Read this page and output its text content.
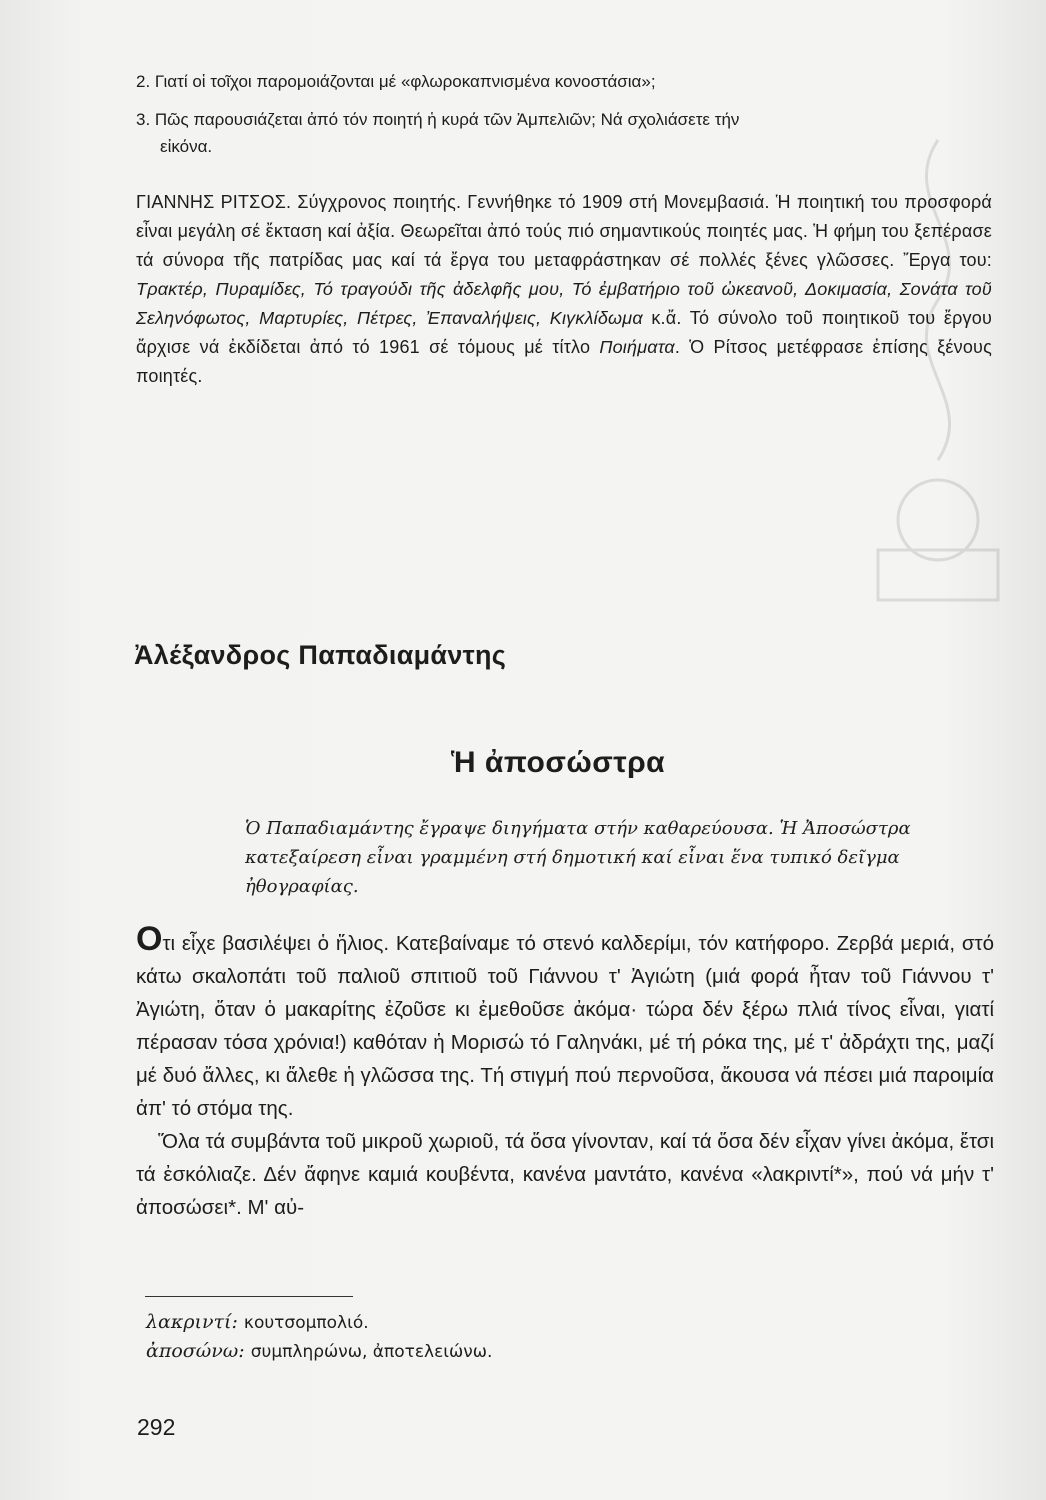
2. Γιατί οἱ τοῖχοι παρομοιάζονται μέ «φλωροκαπνισμένα κονοστάσια»;
3. Πῶς παρουσιάζεται ἀπό τόν ποιητή ἡ κυρά τῶν Ἀμπελιῶν; Νά σχολιάσετε τήν
εἰκόνα.
ΓΙΑΝΝΗΣ ΡΙΤΣΟΣ. Σύγχρονος ποιητής. Γεννήθηκε τό 1909 στή Μονεμβασιά. Ἡ ποιητική του προσφορά εἶναι μεγάλη σέ ἔκταση καί ἀξία. Θεωρεῖται ἀπό τούς πιό σημαντικούς ποιητές μας. Ἡ φήμη του ξεπέρασε τά σύνορα τῆς πατρίδας μας καί τά ἔργα του μεταφράστηκαν σέ πολλές ξένες γλῶσσες. Ἔργα του: Τρακτέρ, Πυραμίδες, Τό τραγούδι τῆς ἀδελφῆς μου, Τό ἐμβατήριο τοῦ ὠκεανοῦ, Δοκιμασία, Σονάτα τοῦ Σεληνόφωτος, Μαρτυρίες, Πέτρες, Ἐπαναλήψεις, Κιγκλίδωμα κ.ἄ. Τό σύνολο τοῦ ποιητικοῦ του ἔργου ἄρχισε νά ἐκδίδεται ἀπό τό 1961 σέ τόμους μέ τίτλο Ποιήματα. Ὁ Ρίτσος μετέφρασε ἐπίσης ξένους ποιητές.
Ἀλέξανδρος Παπαδιαμάντης
Ἡ ἀποσώστρα
Ὁ Παπαδιαμάντης ἔγραψε διηγήματα στήν καθαρεύουσα. Ἡ Ἀποσώστρα κατεξαίρεση εἶναι γραμμένη στή δημοτική καί εἶναι ἕνα τυπικό δεῖγμα ἠθογραφίας.

Οτι εἶχε βασιλέψει ὁ ἥλιος. Κατεβαίναμε τό στενό καλδερίμι, τόν κατήφορο. Ζερβά μεριά, στό κάτω σκαλοπάτι τοῦ παλιοῦ σπιτιοῦ τοῦ Γιάννου τ' Ἀγιώτη (μιά φορά ἦταν τοῦ Γιάννου τ' Ἀγιώτη, ὅταν ὁ μακαρίτης ἐζοῦσε κι ἐμεθοῦσε ἀκόμα· τώρα δέν ξέρω πλιά τίνος εἶναι, γιατί πέρασαν τόσα χρόνια!) καθόταν ἡ Μορισώ τό Γαληνάκι, μέ τή ρόκα της, μέ τ' ἀδράχτι της, μαζί μέ δυό ἄλλες, κι ἄλεθε ἡ γλῶσσα της. Τή στιγμή πού περνοῦσα, ἄκουσα νά πέσει μιά παροιμία ἀπ' τό στόμα της.

Ὅλα τά συμβάντα τοῦ μικροῦ χωριοῦ, τά ὅσα γίνονταν, καί τά ὅσα δέν εἶχαν γίνει ἀκόμα, ἔτσι τά ἐσκόλιαζε. Δέν ἄφηνε καμιά κουβέντα, κανένα μαντάτο, κανένα «λακριντί*», πού νά μήν τ' ἀποσώσει*. Μ' αὐ-

λακριντί: κουτσομπολιό.
ἀποσώνω: συμπληρώνω, ἀποτελειώνω.
292
